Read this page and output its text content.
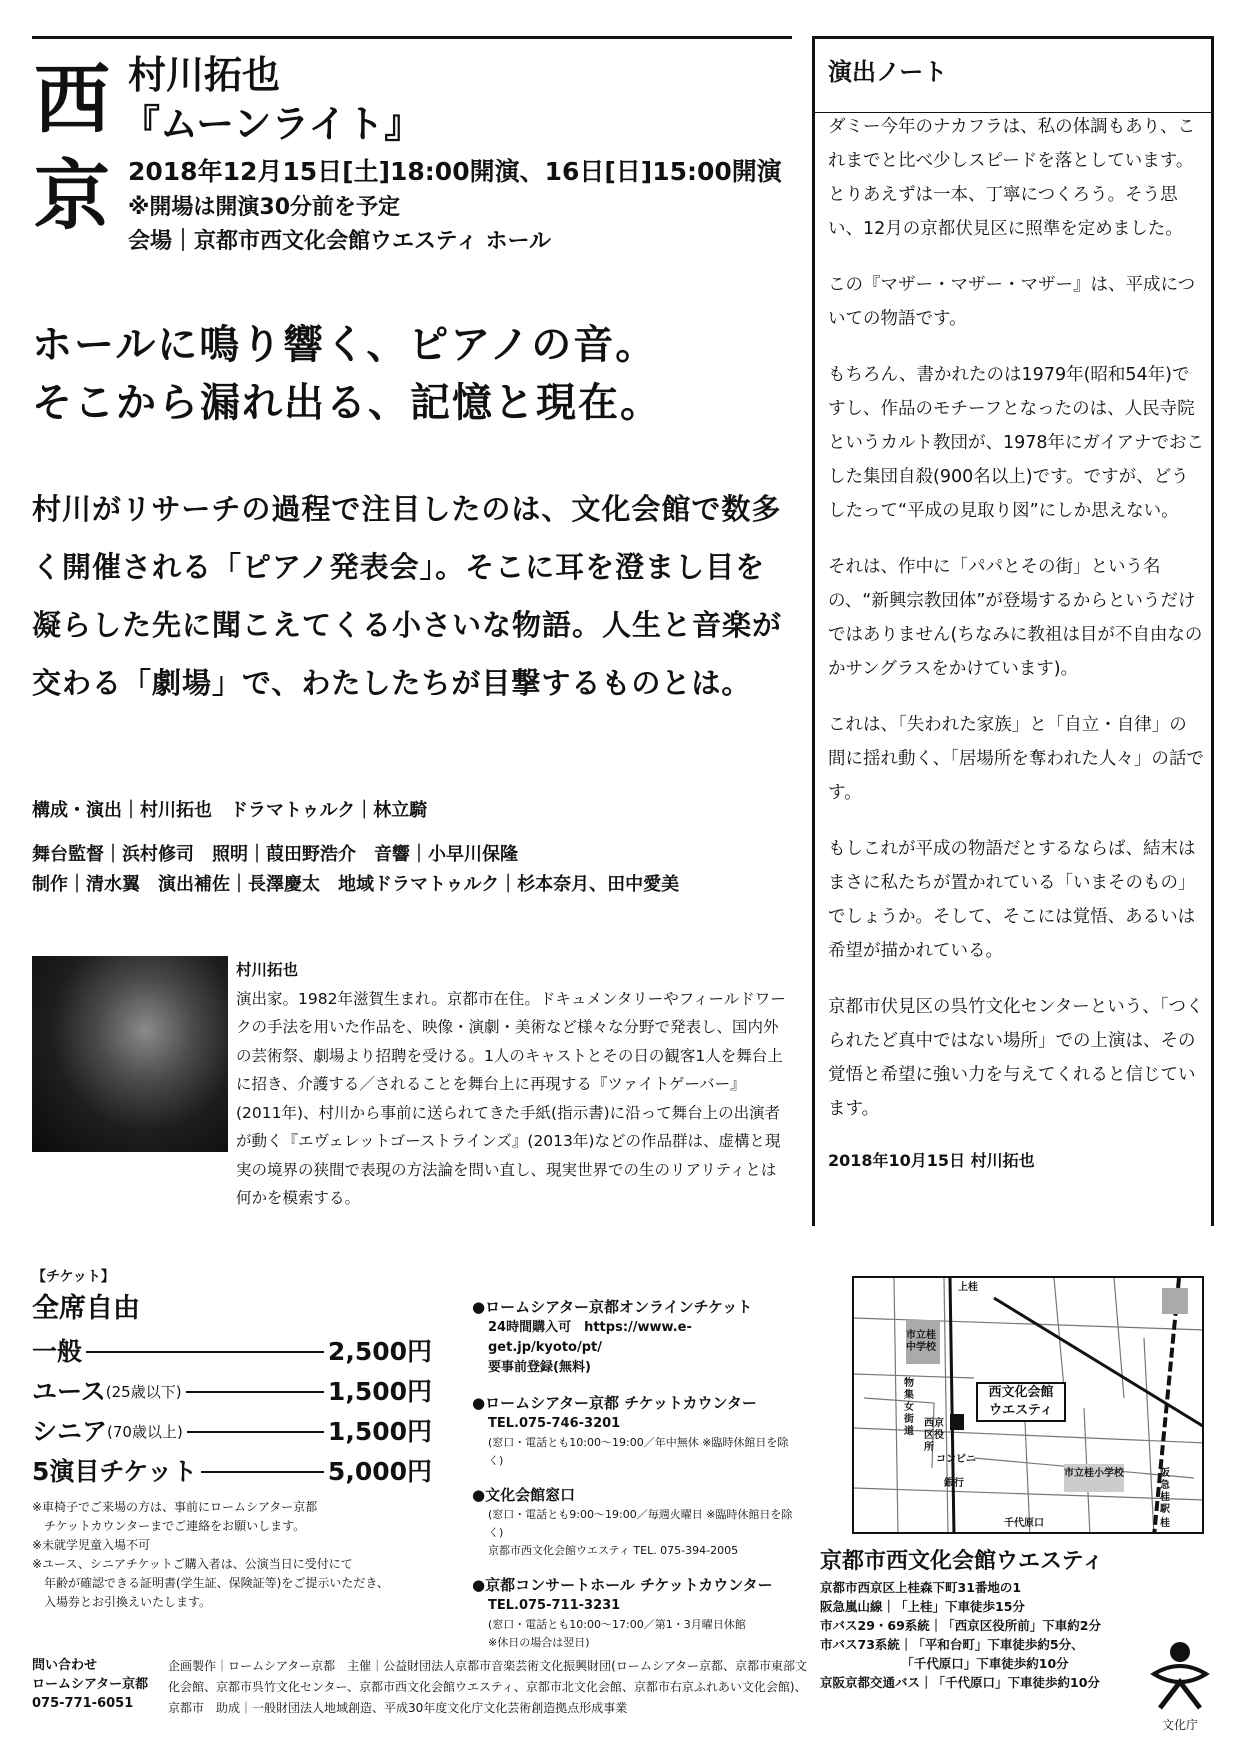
西
京
村川拓也
『ムーンライト』
2018年12月15日[土]18:00開演、16日[日]15:00開演
※開場は開演30分前を予定
会場｜京都市西文化会館ウエスティ ホール
ホールに鳴り響く、ピアノの音。
そこから漏れ出る、記憶と現在。
村川がリサーチの過程で注目したのは、文化会館で数多く開催される「ピアノ発表会」。そこに耳を澄まし目を凝らした先に聞こえてくる小さいな物語。人生と音楽が交わる「劇場」で、わたしたちが目撃するものとは。
構成・演出｜村川拓也　ドラマトゥルク｜林立騎
舞台監督｜浜村修司　照明｜葭田野浩介　音響｜小早川保隆
制作｜清水翼　演出補佐｜長澤慶太　地域ドラマトゥルク｜杉本奈月、田中愛美
村川拓也
演出家。1982年滋賀生まれ。京都市在住。ドキュメンタリーやフィールドワークの手法を用いた作品を、映像・演劇・美術など様々な分野で発表し、国内外の芸術祭、劇場より招聘を受ける。1人のキャストとその日の観客1人を舞台上に招き、介護する／されることを舞台上に再現する『ツァイトゲーバー』(2011年)、村川から事前に送られてきた手紙(指示書)に沿って舞台上の出演者が動く『エヴェレットゴーストラインズ』(2013年)などの作品群は、虚構と現実の境界の狭間で表現の方法論を問い直し、現実世界での生のリアリティとは何かを模索する。
演出ノート
ダミー今年のナカフラは、私の体調もあり、これまでと比べ少しスピードを落としています。とりあえずは一本、丁寧につくろう。そう思い、12月の京都伏見区に照準を定めました。
この『マザー・マザー・マザー』は、平成についての物語です。
もちろん、書かれたのは1979年(昭和54年)ですし、作品のモチーフとなったのは、人民寺院というカルト教団が、1978年にガイアナでおこした集団自殺(900名以上)です。ですが、どうしたって“平成の見取り図”にしか思えない。
それは、作中に「パパとその街」という名の、“新興宗教団体”が登場するからというだけではありません(ちなみに教祖は目が不自由なのかサングラスをかけています)。
これは、「失われた家族」と「自立・自律」の間に揺れ動く、「居場所を奪われた人々」の話です。
もしこれが平成の物語だとするならば、結末はまさに私たちが置かれている「いまそのもの」でしょうか。そして、そこには覚悟、あるいは希望が描かれている。
京都市伏見区の呉竹文化センターという、「つくられたど真中ではない場所」での上演は、その覚悟と希望に強い力を与えてくれると信じています。
2018年10月15日 村川拓也
【チケット】
全席自由
一般	2,500円
ユース (25歳以下)	1,500円
シニア (70歳以上)	1,500円
5演目チケット	5,000円
※車椅子でご来場の方は、事前にロームシアター京都
　チケットカウンターまでご連絡をお願いします。
※未就学児童入場不可
※ユース、シニアチケットご購入者は、公演当日に受付にて
　年齢が確認できる証明書(学生証、保険証等)をご提示いただき、
　入場券とお引換えいたします。
●ロームシアター京都オンラインチケット
24時間購入可　https://www.e-get.jp/kyoto/pt/
要事前登録(無料)
●ロームシアター京都 チケットカウンター
TEL.075-746-3201
(窓口・電話とも10:00〜19:00／年中無休 ※臨時休館日を除く)
●文化会館窓口
(窓口・電話とも9:00〜19:00／毎週火曜日 ※臨時休館日を除く)
京都市西文化会館ウエスティ TEL. 075-394-2005
●京都コンサートホール チケットカウンター
TEL.075-711-3231
(窓口・電話とも10:00〜17:00／第1・3月曜日休館
※休日の場合は翌日)
西文化会館
ウエスティ
上桂
市立桂中学校
物集女街道
西京区役所
コンビニ
銀行
市立桂小学校	阪急桂駅
桂
千代原口
京都市西文化会館ウエスティ
京都市西京区上桂森下町31番地の1
阪急嵐山線｜「上桂」下車徒歩15分
市バス29・69系統｜「西京区役所前」下車約2分
市バス73系統｜「平和台町」下車徒歩約5分、
　　　　　　　「千代原口」下車徒歩約10分
京阪京都交通バス｜「千代原口」下車徒歩約10分
問い合わせ
ロームシアター京都
075-771-6051
企画製作｜ロームシアター京都　主催｜公益財団法人京都市音楽芸術文化振興財団(ロームシアター京都、京都市東部文化会館、京都市呉竹文化センター、京都市西文化会館ウエスティ、京都市北文化会館、京都市右京ふれあい文化会館)、京都市　助成｜一般財団法人地域創造、平成30年度文化庁文化芸術創造拠点形成事業
文化庁
